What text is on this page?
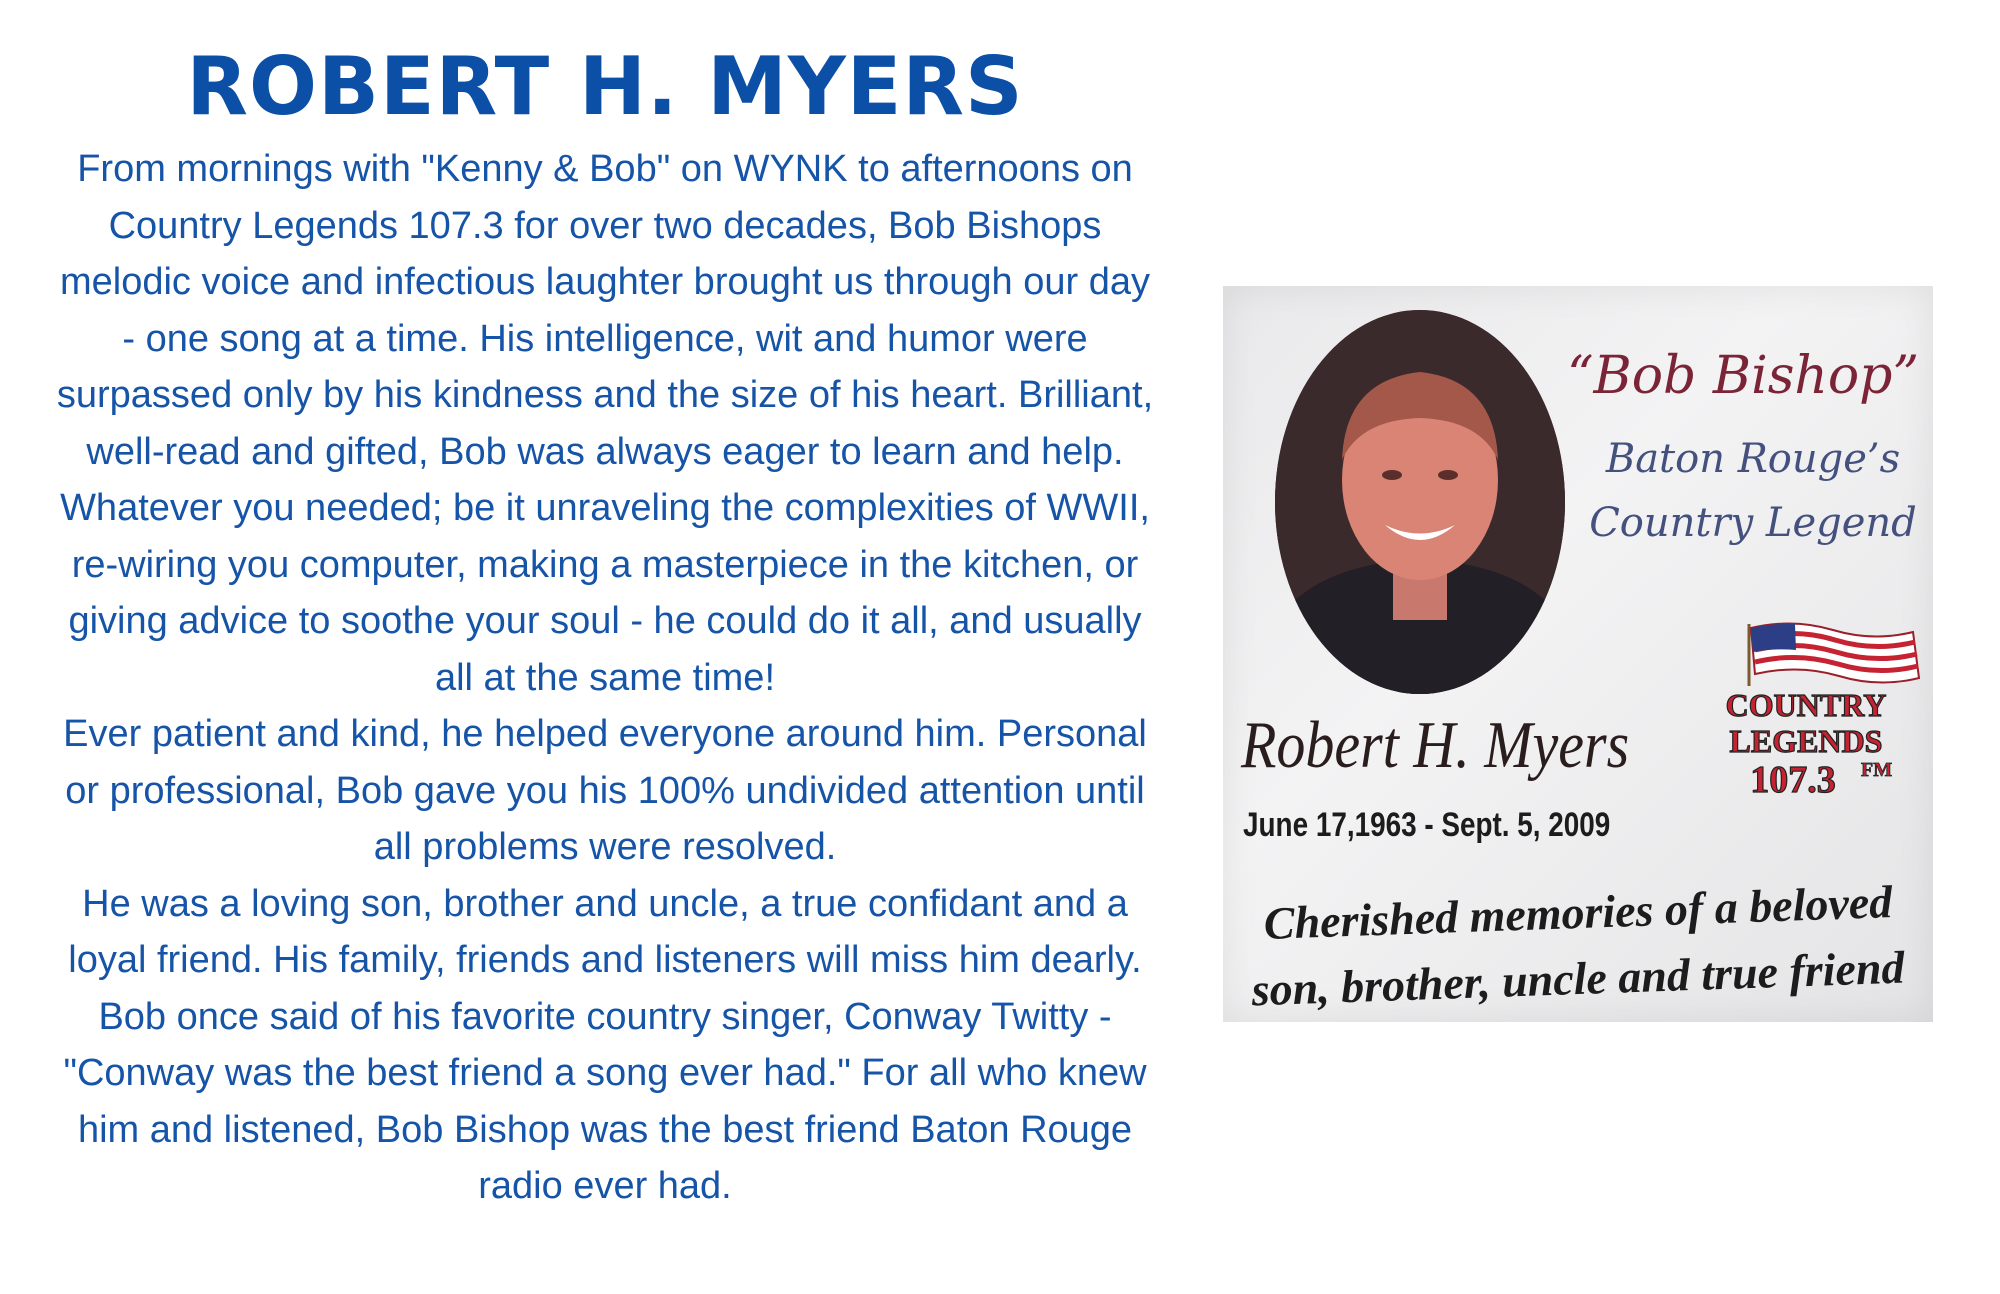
ROBERT H. MYERS

From mornings with "Kenny & Bob" on WYNK to afternoons on Country Legends 107.3 for over two decades, Bob Bishops melodic voice and infectious laughter brought us through our day - one song at a time. His intelligence, wit and humor were surpassed only by his kindness and the size of his heart. Brilliant, well-read and gifted, Bob was always eager to learn and help. Whatever you needed; be it unraveling the complexities of WWII, re-wiring you computer, making a masterpiece in the kitchen, or giving advice to soothe your soul - he could do it all, and usually all at the same time!

Ever patient and kind, he helped everyone around him. Personal or professional, Bob gave you his 100% undivided attention until all problems were resolved.

He was a loving son, brother and uncle, a true confidant and a loyal friend. His family, friends and listeners will miss him dearly.

Bob once said of his favorite country singer, Conway Twitty - "Conway was the best friend a song ever had." For all who knew him and listened, Bob Bishop was the best friend Baton Rouge radio ever had.

“Bob Bishop”
Baton Rouge’s
Country Legend
Robert H. Myers
June 17,1963 - Sept. 5, 2009
COUNTRY
LEGENDS
107.3 FM
Cherished memories of a beloved
son, brother, uncle and true friend
